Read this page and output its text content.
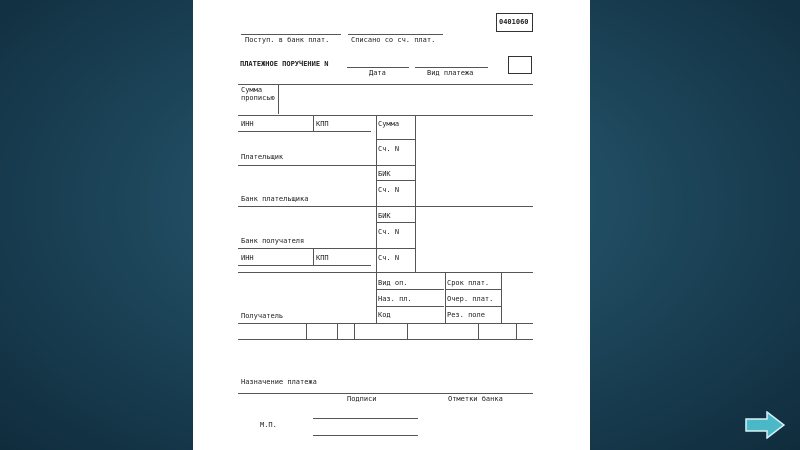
0401060
Поступ. в банк плат.	Списано со сч. плат.
ПЛАТЕЖНОЕ ПОРУЧЕНИЕ N
Дата	Вид платежа
Сумма
прописью
ИНН	КПП	Сумма
Сч. N
Плательщик
БИК
Сч. N
Банк плательщика
БИК
Сч. N
Банк получателя
ИНН	КПП	Сч. N
Вид оп.	Срок плат.
Наз. пл.	Очер. плат.
Код	Рез. поле
Получатель
Назначение платежа
Подписи	Отметки банка
М.П.
